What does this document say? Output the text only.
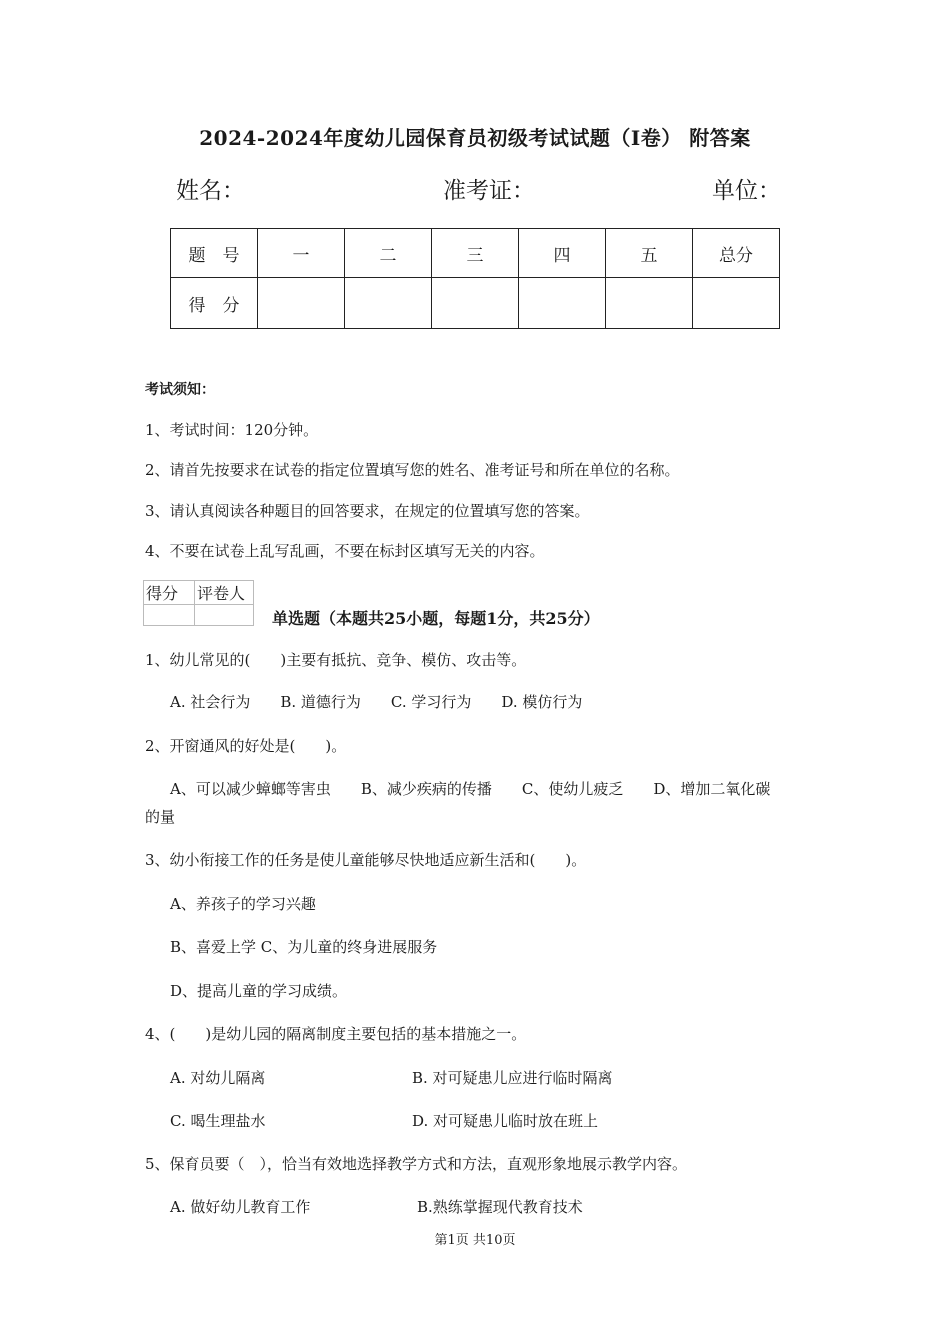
2024-2024年度幼儿园保育员初级考试试题（I卷） 附答案
姓名：	准考证：	单位：
题　号	一	二	三	四	五	总分
得　分						
考试须知：
1、考试时间：120分钟。
2、请首先按要求在试卷的指定位置填写您的姓名、准考证号和所在单位的名称。
3、请认真阅读各种题目的回答要求，在规定的位置填写您的答案。
4、不要在试卷上乱写乱画，不要在标封区填写无关的内容。
得分	评卷人

单选题（本题共25小题，每题1分，共25分）
1、幼儿常见的(　　)主要有抵抗、竞争、模仿、攻击等。
A. 社会行为　　B. 道德行为　　C. 学习行为　　D. 模仿行为
2、开窗通风的好处是(　　)。
A、可以减少蟑螂等害虫　　B、减少疾病的传播　　C、使幼儿疲乏　　D、增加二氧化碳
的量
3、幼小衔接工作的任务是使儿童能够尽快地适应新生活和(　　)。
A、养孩子的学习兴趣
B、喜爱上学 C、为儿童的终身进展服务
D、提高儿童的学习成绩。
4、(　　)是幼儿园的隔离制度主要包括的基本措施之一。
A. 对幼儿隔离	B. 对可疑患儿应进行临时隔离
C. 喝生理盐水	D. 对可疑患儿临时放在班上
5、保育员要（　），恰当有效地选择教学方式和方法，直观形象地展示教学内容。
A. 做好幼儿教育工作	B.熟练掌握现代教育技术
第1页 共10页
